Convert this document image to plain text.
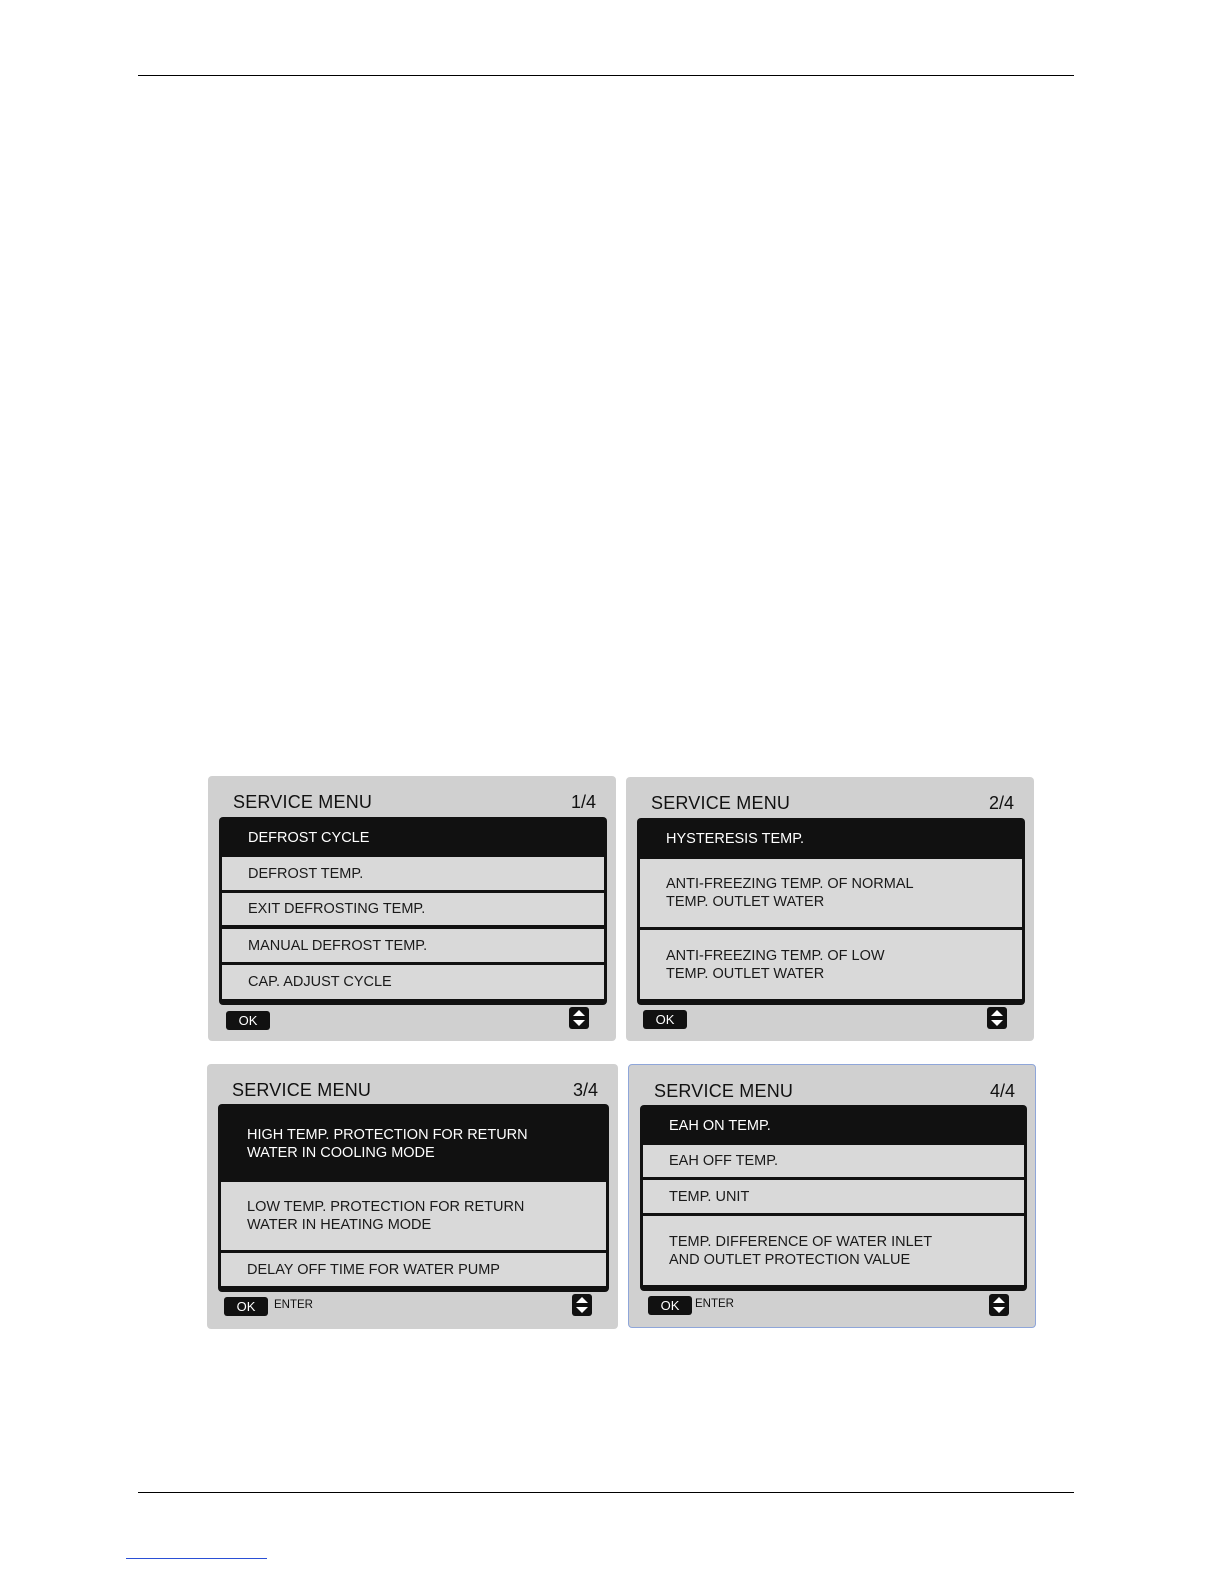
SERVICE MENU	1/4
DEFROST CYCLE
DEFROST TEMP.
EXIT DEFROSTING TEMP.
MANUAL DEFROST TEMP.
CAP. ADJUST CYCLE
OK
SERVICE MENU	2/4
HYSTERESIS TEMP.
ANTI-FREEZING TEMP. OF NORMAL
TEMP. OUTLET WATER
ANTI-FREEZING TEMP. OF LOW
TEMP. OUTLET WATER
OK
SERVICE MENU	3/4
HIGH TEMP. PROTECTION FOR RETURN
WATER IN COOLING MODE
LOW TEMP. PROTECTION FOR RETURN
WATER IN HEATING MODE
DELAY OFF TIME FOR WATER PUMP
OK	ENTER
SERVICE MENU	4/4
EAH ON TEMP.
EAH OFF TEMP.
TEMP. UNIT
TEMP. DIFFERENCE OF WATER INLET
AND OUTLET PROTECTION VALUE
OK	ENTER
